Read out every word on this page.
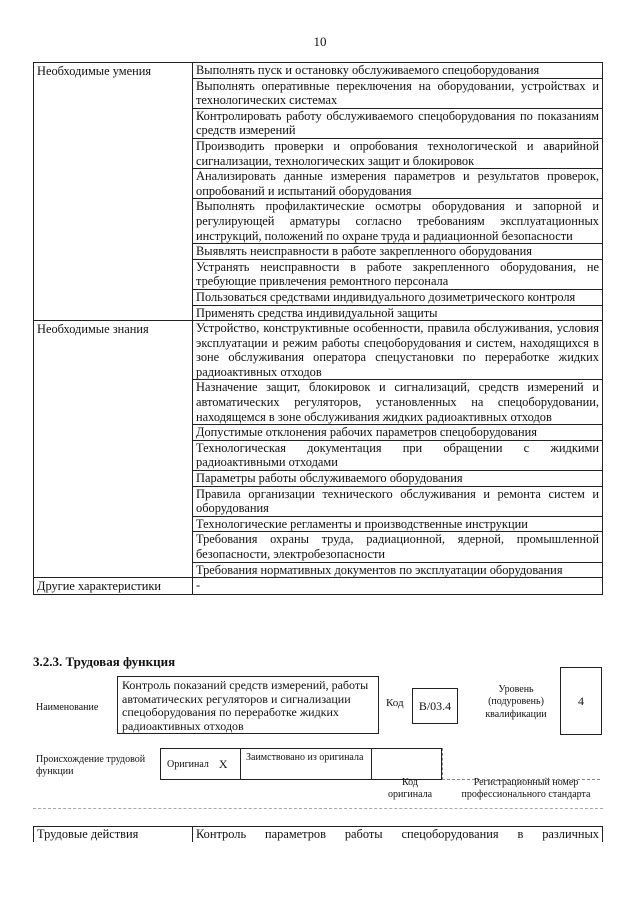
10
Необходимые умения	Выполнять пуск и остановку обслуживаемого спецоборудования
	Выполнять оперативные переключения на оборудовании, устройствах и технологических системах
	Контролировать работу обслуживаемого спецоборудования по показаниям средств измерений
	Производить проверки и опробования технологической и аварийной сигнализации, технологических защит и блокировок
	Анализировать данные измерения параметров и результатов проверок, опробований и испытаний оборудования
	Выполнять профилактические осмотры оборудования и запорной и регулирующей арматуры согласно требованиям эксплуатационных инструкций, положений по охране труда и радиационной безопасности
	Выявлять неисправности в работе закрепленного оборудования
	Устранять неисправности в работе закрепленного оборудования, не требующие привлечения ремонтного персонала
	Пользоваться средствами индивидуального дозиметрического контроля
	Применять средства индивидуальной защиты
Необходимые знания	Устройство, конструктивные особенности, правила обслуживания, условия эксплуатации и режим работы спецоборудования и систем, находящихся в зоне обслуживания оператора спецустановки по переработке жидких радиоактивных отходов
	Назначение защит, блокировок и сигнализаций, средств измерений и автоматических регуляторов, установленных на спецоборудовании, находящемся в зоне обслуживания жидких радиоактивных отходов
	Допустимые отклонения рабочих параметров спецоборудования
	Технологическая документация при обращении с жидкими радиоактивными отходами
	Параметры работы обслуживаемого оборудования
	Правила организации технического обслуживания и ремонта систем и оборудования
	Технологические регламенты и производственные инструкции
	Требования охраны труда, радиационной, ядерной, промышленной безопасности, электробезопасности
	Требования нормативных документов по эксплуатации оборудования
Другие характеристики	-
3.2.3. Трудовая функция
Наименование
Контроль показаний средств измерений, работы автоматических регуляторов и сигнализации спецоборудования по переработке жидких радиоактивных отходов
Код	В/03.4
Уровень (подуровень) квалификации
4
Происхождение трудовой функции
Оригинал X	Заимствовано из оригинала
Код оригинала
Регистрационный номер профессионального стандарта
Трудовые действия	Контроль параметров работы спецоборудования в различных
